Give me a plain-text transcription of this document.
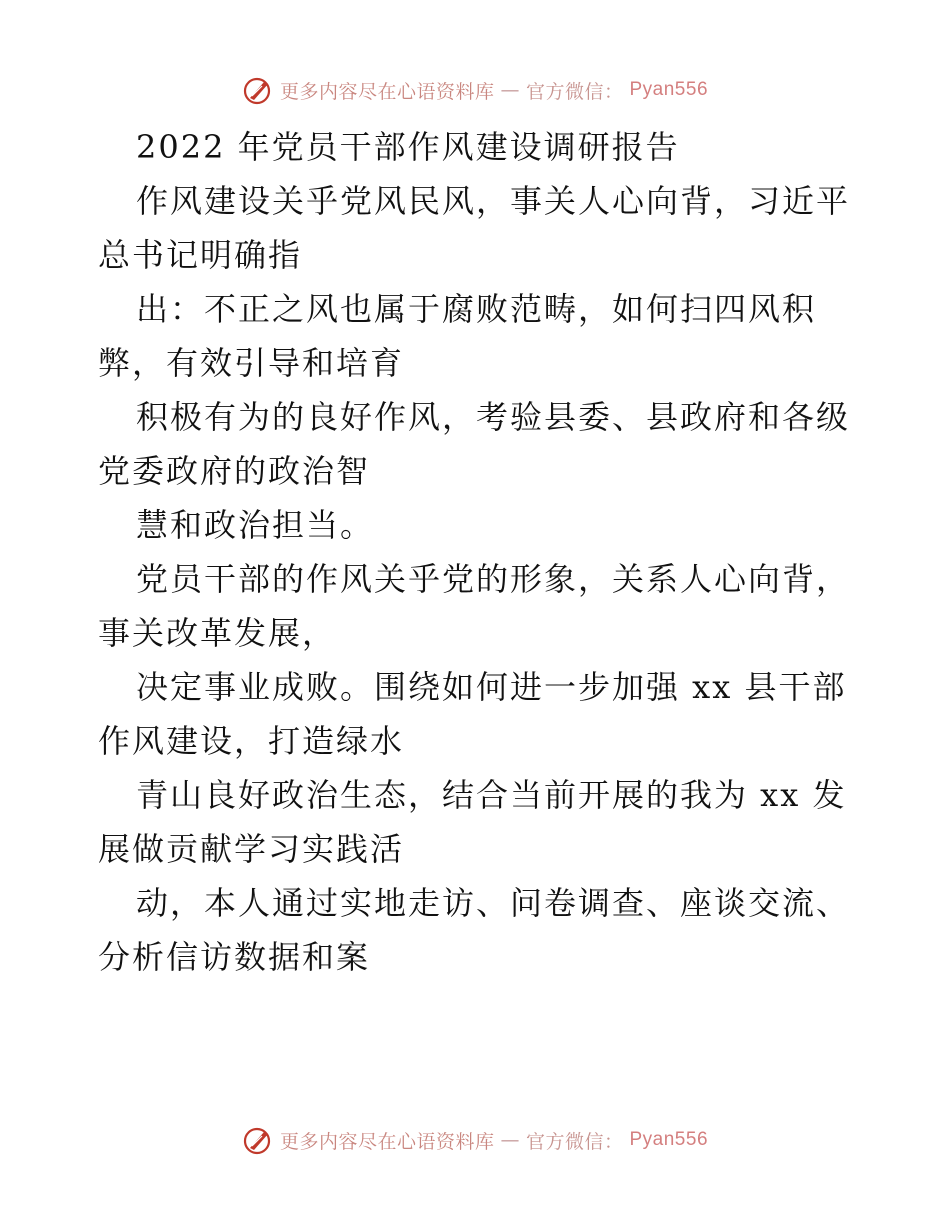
更多内容尽在心语资料库 — 官方微信： Pyan556
2022 年党员干部作风建设调研报告
作风建设关乎党风民风，事关人心向背，习近平
总书记明确指
出：不正之风也属于腐败范畴，如何扫四风积
弊，有效引导和培育
积极有为的良好作风，考验县委、县政府和各级
党委政府的政治智
慧和政治担当。
党员干部的作风关乎党的形象，关系人心向背，
事关改革发展，
决定事业成败。围绕如何进一步加强 xx 县干部
作风建设，打造绿水
青山良好政治生态，结合当前开展的我为 xx 发
展做贡献学习实践活
动，本人通过实地走访、问卷调查、座谈交流、
分析信访数据和案
更多内容尽在心语资料库 — 官方微信： Pyan556
